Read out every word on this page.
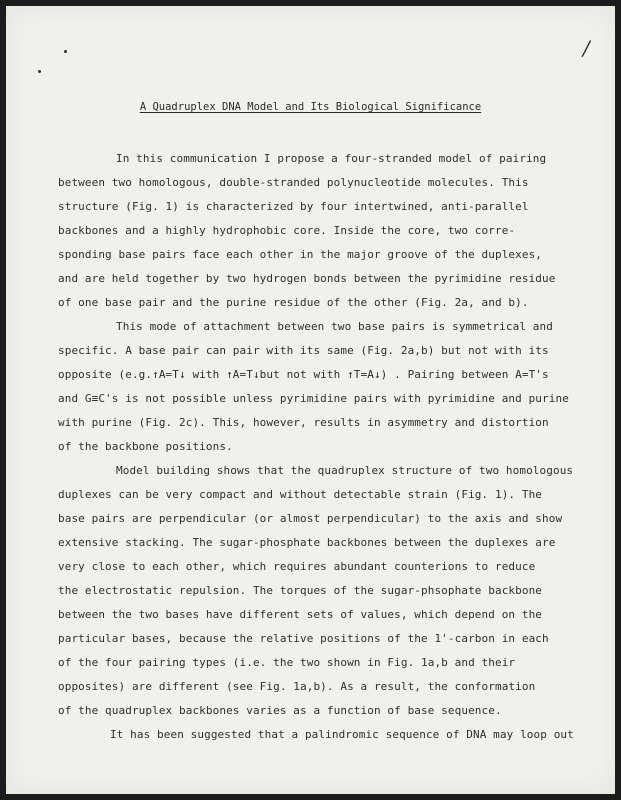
/
A Quadruplex DNA Model and Its Biological Significance
In this communication I propose a four-stranded model of pairing
between two homologous, double-stranded polynucleotide molecules. This
structure (Fig. 1) is characterized by four intertwined, anti-parallel
backbones and a highly hydrophobic core. Inside the core, two corre-
sponding base pairs face each other in the major groove of the duplexes,
and are held together by two hydrogen bonds between the pyrimidine residue
of one base pair and the purine residue of the other (Fig. 2a, and b).
This mode of attachment between two base pairs is symmetrical and
specific. A base pair can pair with its same (Fig. 2a,b) but not with its
opposite (e.g.↑A=T↓ with ↑A=T↓but not with ↑T=A↓) . Pairing between A=T's
and G≡C's is not possible unless pyrimidine pairs with pyrimidine and purine
with purine (Fig. 2c). This, however, results in asymmetry and distortion
of the backbone positions.
Model building shows that the quadruplex structure of two homologous
duplexes can be very compact and without detectable strain (Fig. 1). The
base pairs are perpendicular (or almost perpendicular) to the axis and show
extensive stacking. The sugar-phosphate backbones between the duplexes are
very close to each other, which requires abundant counterions to reduce
the electrostatic repulsion. The torques of the sugar-phsophate backbone
between the two bases have different sets of values, which depend on the
particular bases, because the relative positions of the 1'-carbon in each
of the four pairing types (i.e. the two shown in Fig. 1a,b and their
opposites) are different (see Fig. 1a,b). As a result, the conformation
of the quadruplex backbones varies as a function of base sequence.
It has been suggested that a palindromic sequence of DNA may loop out
